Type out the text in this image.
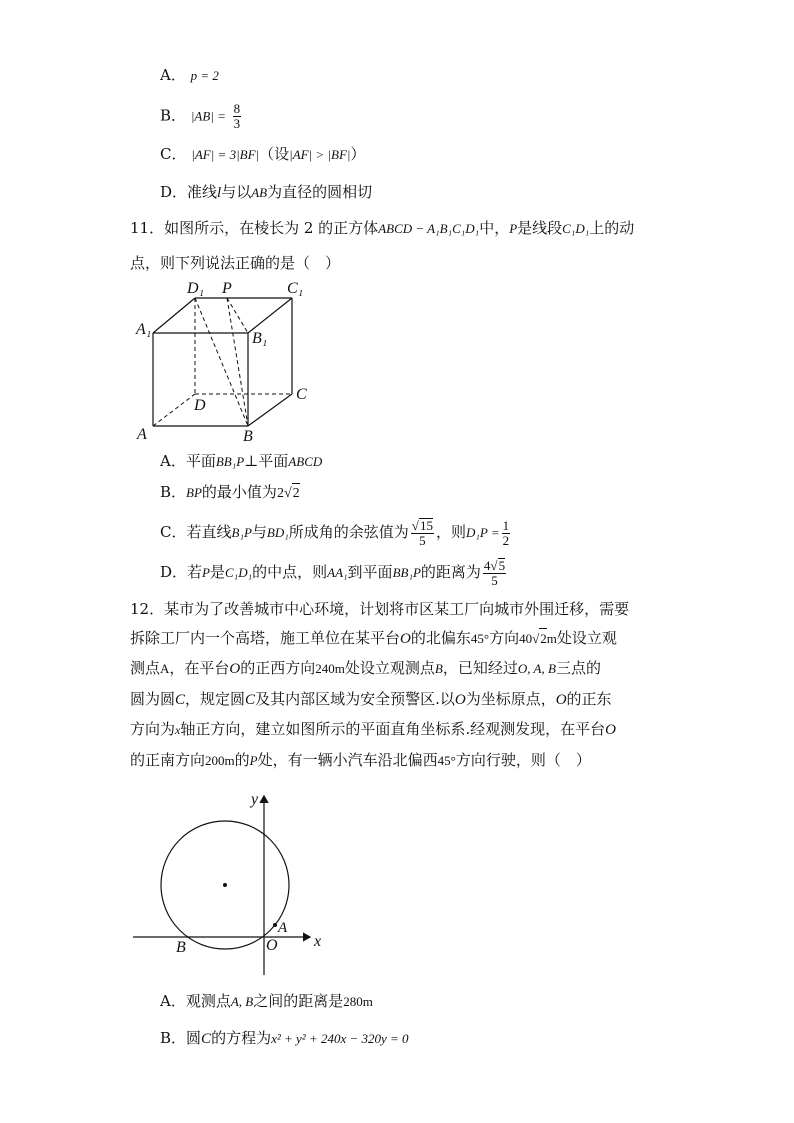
A． p = 2
B． $|AB| = \frac{8}{3}$
C． |AF| = 3|BF|（设|AF| > |BF|）
D．准线l与以AB为直径的圆相切
11．如图所示，在棱长为 2 的正方体ABCD − A₁B₁C₁D₁中，P是线段C₁D₁上的动
点，则下列说法正确的是（　）
D₁ P	C₁
A₁
B₁
D
C
A	B
A．平面BB₁P⊥平面ABCD
B．BP的最小值为2√2
C．若直线B₁P与BD₁所成角的余弦值为 $\frac{√15}{5}$ ，则$D_1P = \frac{1}{2}$
D．若P是C₁D₁的中点，则AA₁到平面BB₁P的距离为 $\frac{4√5}{5}$
12．某市为了改善城市中心环境，计划将市区某工厂向城市外围迁移，需要
拆除工厂内一个高塔，施工单位在某平台O的北偏东45°方向40√2m处设立观
测点A，在平台O的正西方向240m处设立观测点B，已知经过O, A, B三点的
圆为圆C，规定圆C及其内部区域为安全预警区.以O为坐标原点，O的正东
方向为x轴正方向，建立如图所示的平面直角坐标系.经观测发现，在平台O
的正南方向200m的P处，有一辆小汽车沿北偏西45°方向行驶，则（　）
y
x
O
A
B
A．观测点A, B之间的距离是280m
B．圆C的方程为x² + y² + 240x − 320y = 0
